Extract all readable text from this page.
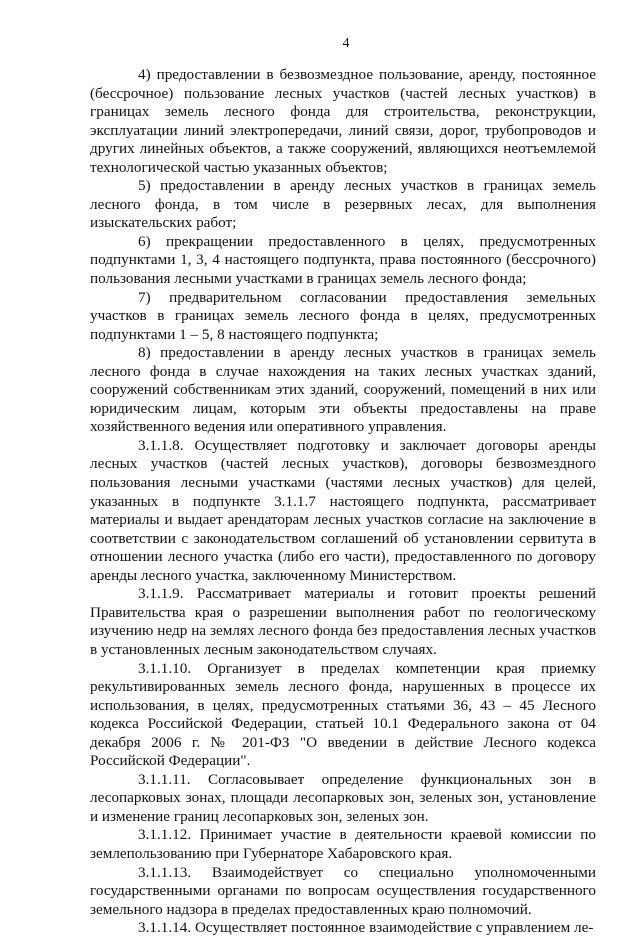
4

4) предоставлении в безвозмездное пользование, аренду, постоянное (бессрочное) пользование лесных участков (частей лесных участков) в границах земель лесного фонда для строительства, реконструкции, эксплуатации линий электропередачи, линий связи, дорог, трубопроводов и других линейных объектов, а также сооружений, являющихся неотъемлемой технологической частью указанных объектов;

5) предоставлении в аренду лесных участков в границах земель лесного фонда, в том числе в резервных лесах, для выполнения изыскательских работ;

6) прекращении предоставленного в целях, предусмотренных подпунктами 1, 3, 4 настоящего подпункта, права постоянного (бессрочного) пользования лесными участками в границах земель лесного фонда;

7) предварительном согласовании предоставления земельных участков в границах земель лесного фонда в целях, предусмотренных подпунктами 1 – 5, 8 настоящего подпункта;

8) предоставлении в аренду лесных участков в границах земель лесного фонда в случае нахождения на таких лесных участках зданий, сооружений собственникам этих зданий, сооружений, помещений в них или юридическим лицам, которым эти объекты предоставлены на праве хозяйственного ведения или оперативного управления.

3.1.1.8. Осуществляет подготовку и заключает договоры аренды лесных участков (частей лесных участков), договоры безвозмездного пользования лесными участками (частями лесных участков) для целей, указанных в подпункте 3.1.1.7 настоящего подпункта, рассматривает материалы и выдает арендаторам лесных участков согласие на заключение в соответствии с законодательством соглашений об установлении сервитута в отношении лесного участка (либо его части), предоставленного по договору аренды лесного участка, заключенному Министерством.

3.1.1.9. Рассматривает материалы и готовит проекты решений Правительства края о разрешении выполнения работ по геологическому изучению недр на землях лесного фонда без предоставления лесных участков в установленных лесным законодательством случаях.

3.1.1.10. Организует в пределах компетенции края приемку рекультивированных земель лесного фонда, нарушенных в процессе их использования, в целях, предусмотренных статьями 36, 43 – 45 Лесного кодекса Российской Федерации, статьей 10.1 Федерального закона от 04 декабря 2006 г. № 201-ФЗ "О введении в действие Лесного кодекса Российской Федерации".

3.1.1.11. Согласовывает определение функциональных зон в лесопарковых зонах, площади лесопарковых зон, зеленых зон, установление и изменение границ лесопарковых зон, зеленых зон.

3.1.1.12. Принимает участие в деятельности краевой комиссии по землепользованию при Губернаторе Хабаровского края.

3.1.1.13. Взаимодействует со специально уполномоченными государственными органами по вопросам осуществления государственного земельного надзора в пределах предоставленных краю полномочий.

3.1.1.14. Осуществляет постоянное взаимодействие с управлением ле-
